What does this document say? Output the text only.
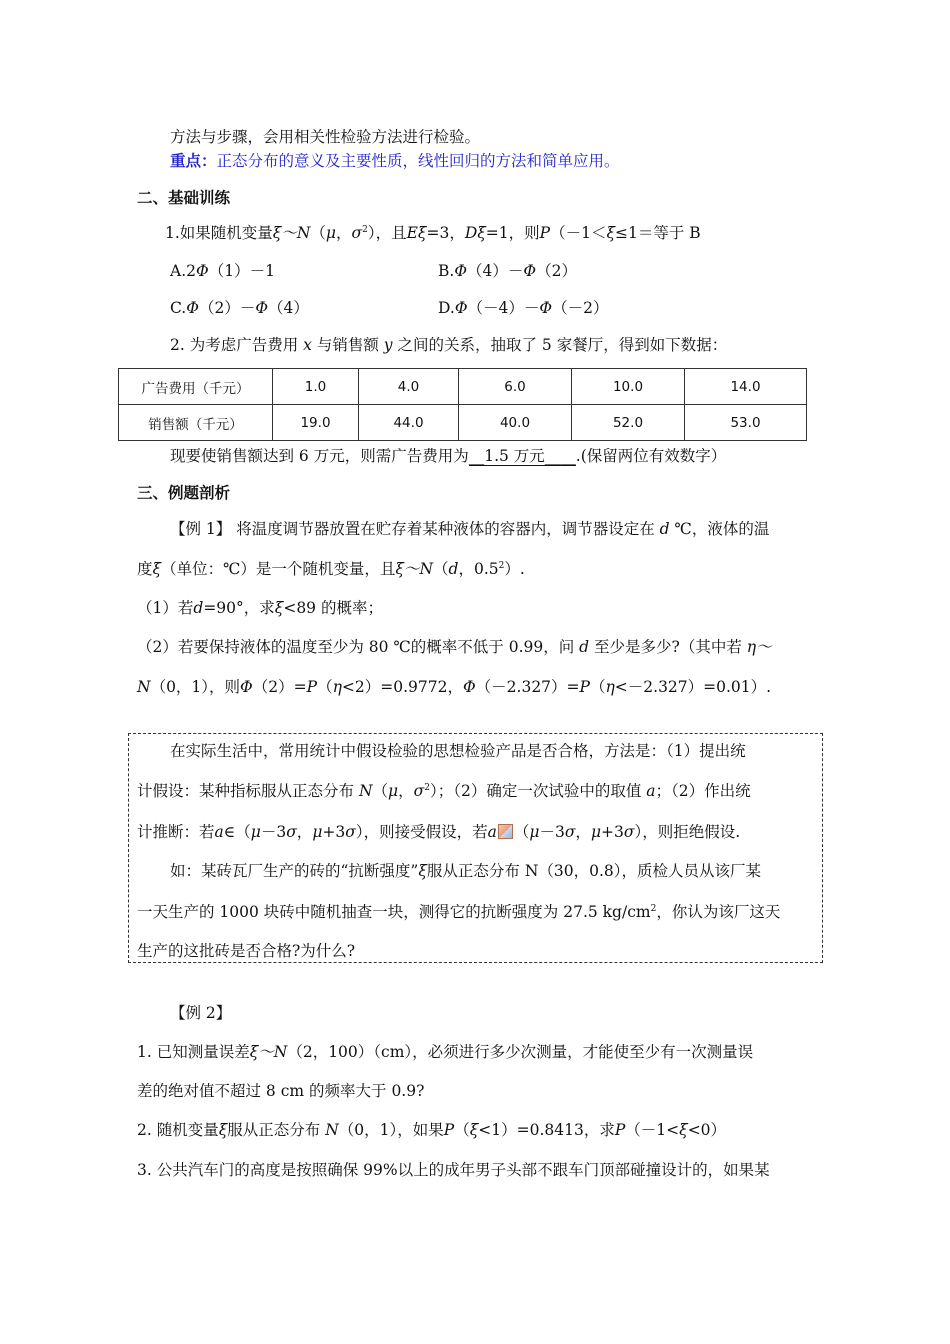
方法与步骤，会用相关性检验方法进行检验。
重点：正态分布的意义及主要性质，线性回归的方法和简单应用。
二、基础训练
1.如果随机变量ξ～N（μ，$\sigma^2$），且Eξ=3，Dξ=1，则P（－1＜ξ≤1＝等于 B
A.2Φ（1）－1	B.Φ（4）－Φ（2）
C.Φ（2）－Φ（4）	D.Φ（－4）－Φ（－2）
2. 为考虑广告费用 x 与销售额 y 之间的关系，抽取了 5 家餐厅，得到如下数据：
广告费用（千元）	1.0	4.0	6.0	10.0	14.0
销售额（千元）	19.0	44.0	40.0	52.0	53.0
现要使销售额达到 6 万元，则需广告费用为__1.5 万元____.(保留两位有效数字）
三、例题剖析
【例 1】 将温度调节器放置在贮存着某种液体的容器内，调节器设定在 d ℃，液体的温
度ξ（单位：℃）是一个随机变量，且ξ～N（d，$0.5^2$）.
（1）若d=90°，求ξ<89 的概率；
（2）若要保持液体的温度至少为 80 ℃的概率不低于 0.99，问 d 至少是多少?（其中若 η～
N（0，1），则Φ（2）=P（η<2）=0.9772，Φ（－2.327）=P（η<－2.327）=0.01）.
在实际生活中，常用统计中假设检验的思想检验产品是否合格，方法是：（1）提出统
计假设：某种指标服从正态分布 N（μ，$\sigma^2$）；（2）确定一次试验中的取值 a；（2）作出统
计推断：若a∈（μ－3σ，μ+3σ），则接受假设，若a （μ－3σ，μ+3σ），则拒绝假设.
如：某砖瓦厂生产的砖的“抗断强度”ξ服从正态分布 N（30，0.8），质检人员从该厂某
一天生产的 1000 块砖中随机抽查一块，测得它的抗断强度为 27.5 $kg/cm^2$，你认为该厂这天
生产的这批砖是否合格?为什么?
【例 2】
1. 已知测量误差ξ～N（2，100）（cm），必须进行多少次测量，才能使至少有一次测量误
差的绝对值不超过 8 cm 的频率大于 0.9?
2. 随机变量ξ服从正态分布 N（0，1），如果P（ξ<1）=0.8413，求P（－1<ξ<0）
3. 公共汽车门的高度是按照确保 99%以上的成年男子头部不跟车门顶部碰撞设计的，如果某
